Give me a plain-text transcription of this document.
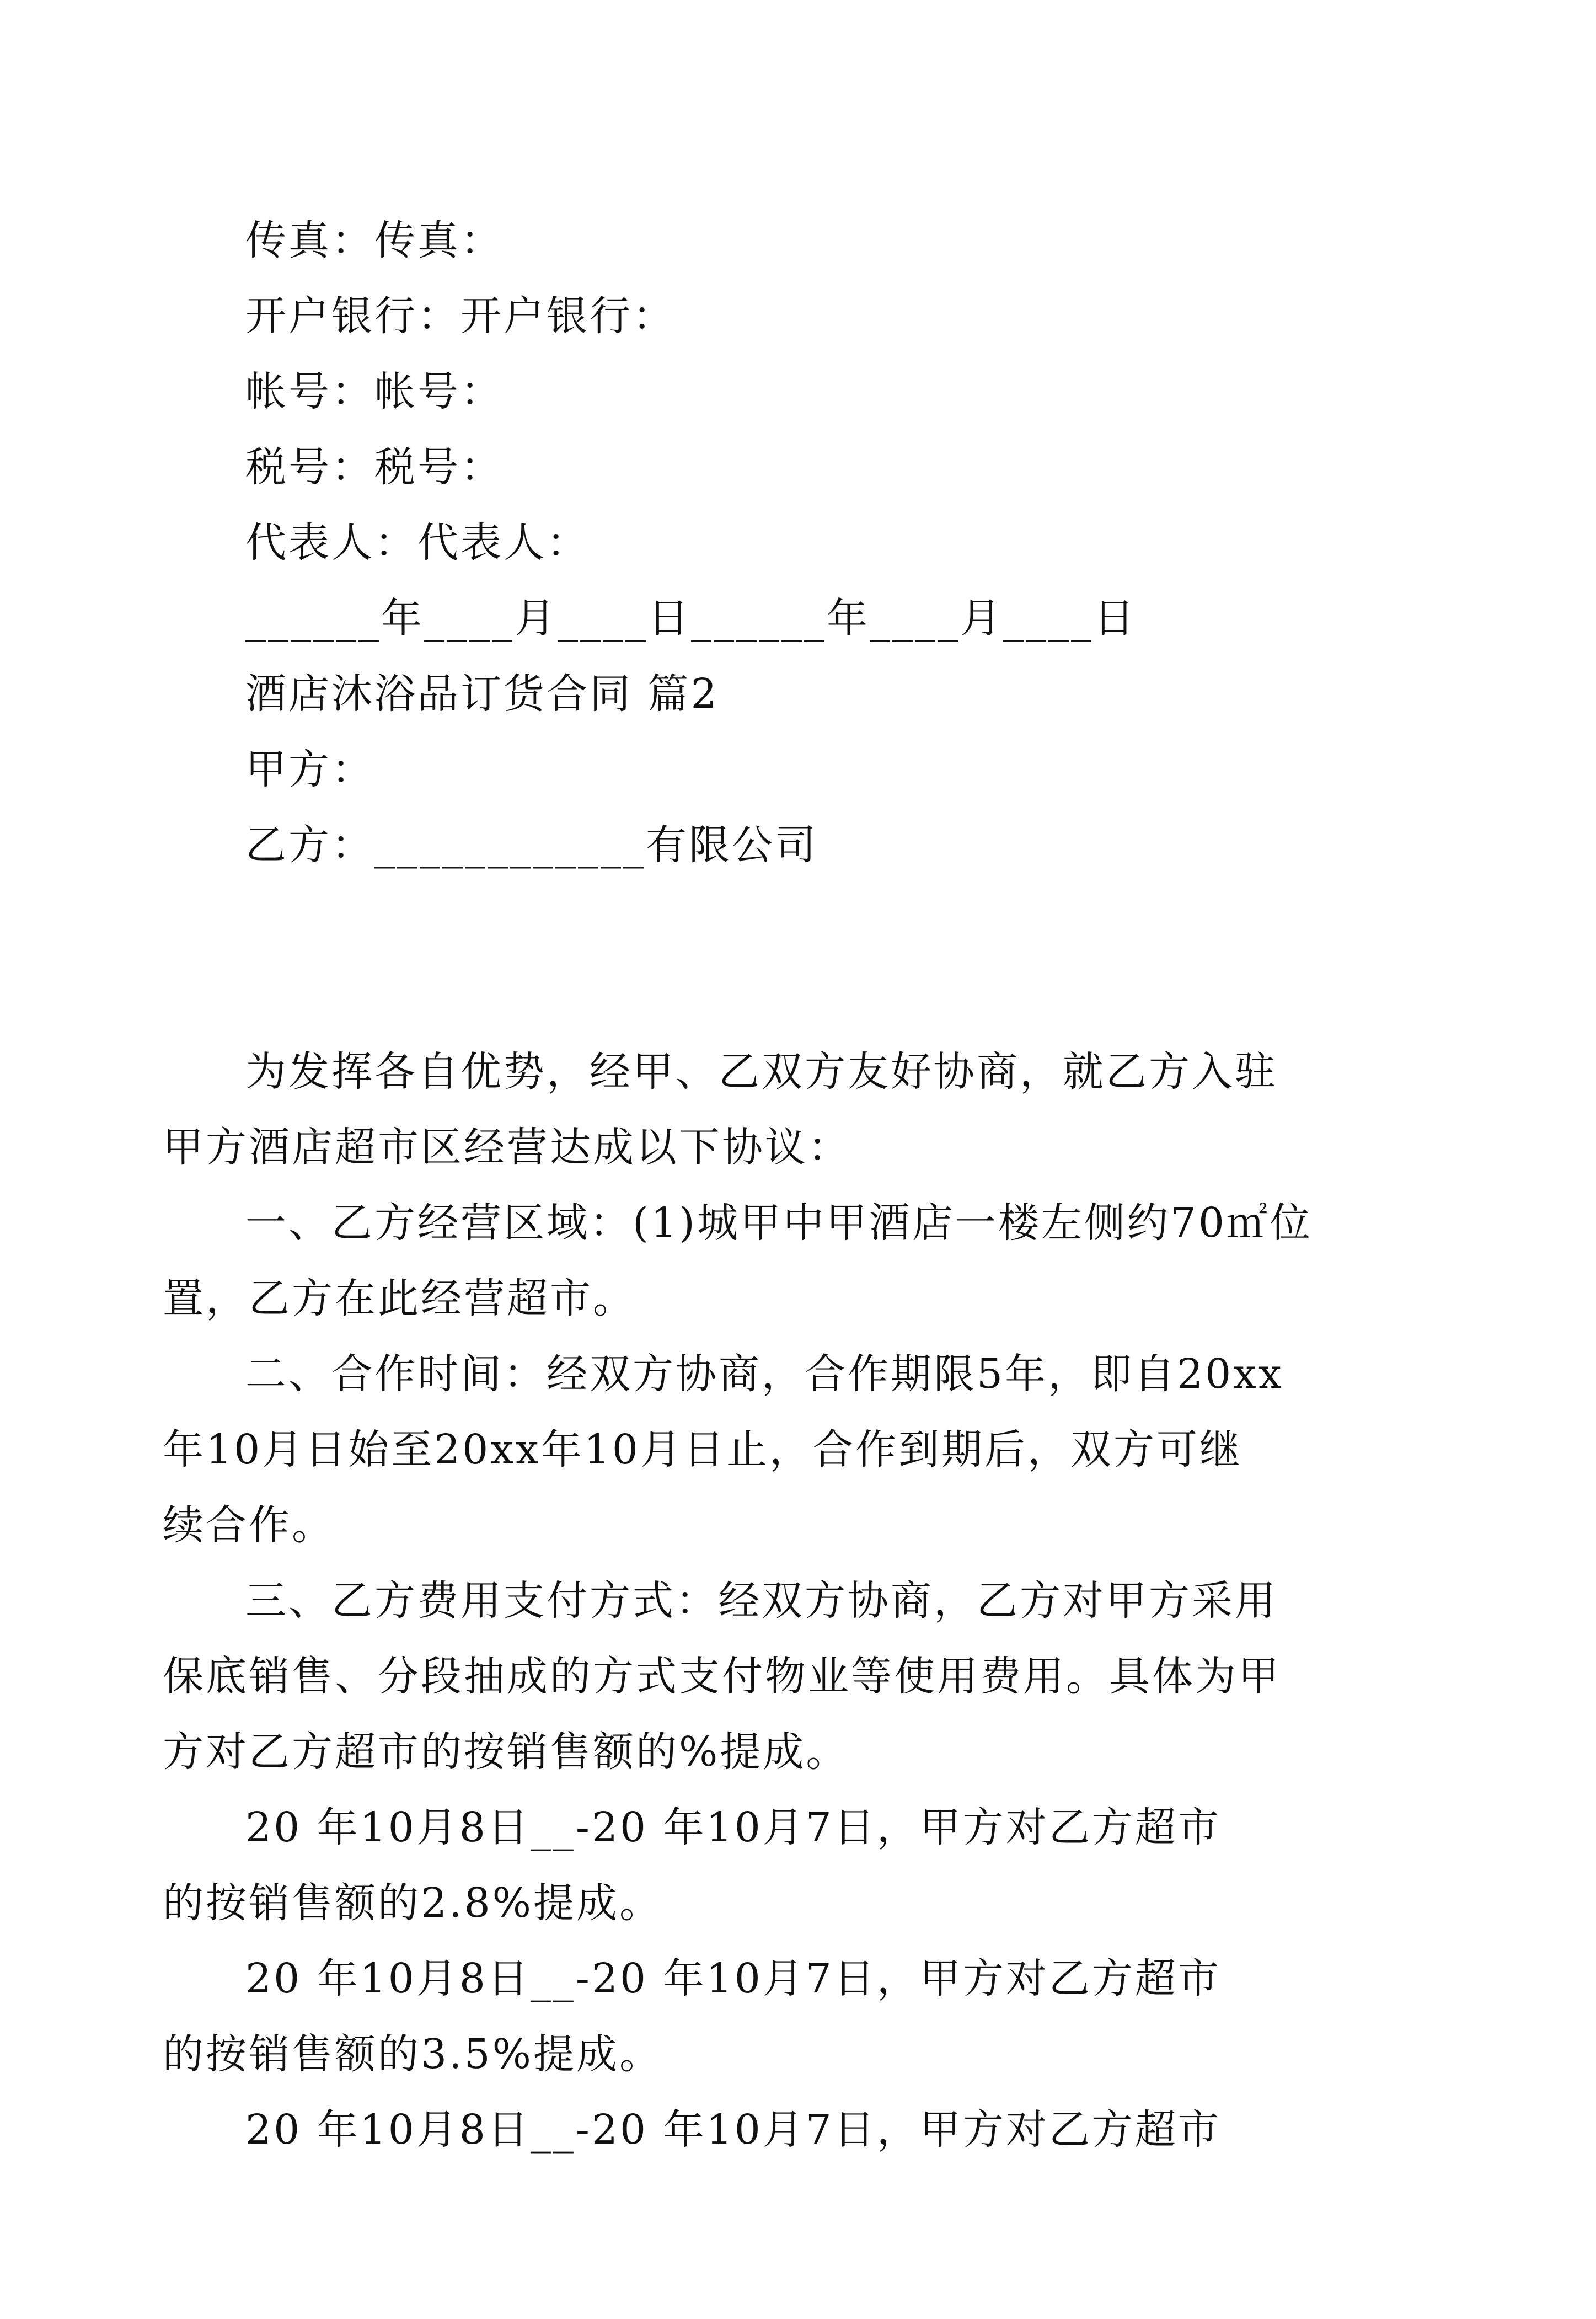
传真：传真：

开户银行：开户银行：

帐号：帐号：

税号：税号：

代表人：代表人：

______年____月____日______年____月____日

酒店沐浴品订货合同 篇2

甲方：

乙方：____________有限公司

为发挥各自优势，经甲、乙双方友好协商，就乙方入驻

甲方酒店超市区经营达成以下协议：

一、乙方经营区域：(1)城甲中甲酒店一楼左侧约70㎡位

置，乙方在此经营超市。

二、合作时间：经双方协商，合作期限5年，即自20xx

年10月日始至20xx年10月日止，合作到期后，双方可继

续合作。

三、乙方费用支付方式：经双方协商，乙方对甲方采用

保底销售、分段抽成的方式支付物业等使用费用。具体为甲

方对乙方超市的按销售额的%提成。

20 年10月8日__-20 年10月7日，甲方对乙方超市

的按销售额的2.8%提成。

20 年10月8日__-20 年10月7日，甲方对乙方超市

的按销售额的3.5%提成。

20 年10月8日__-20 年10月7日，甲方对乙方超市
